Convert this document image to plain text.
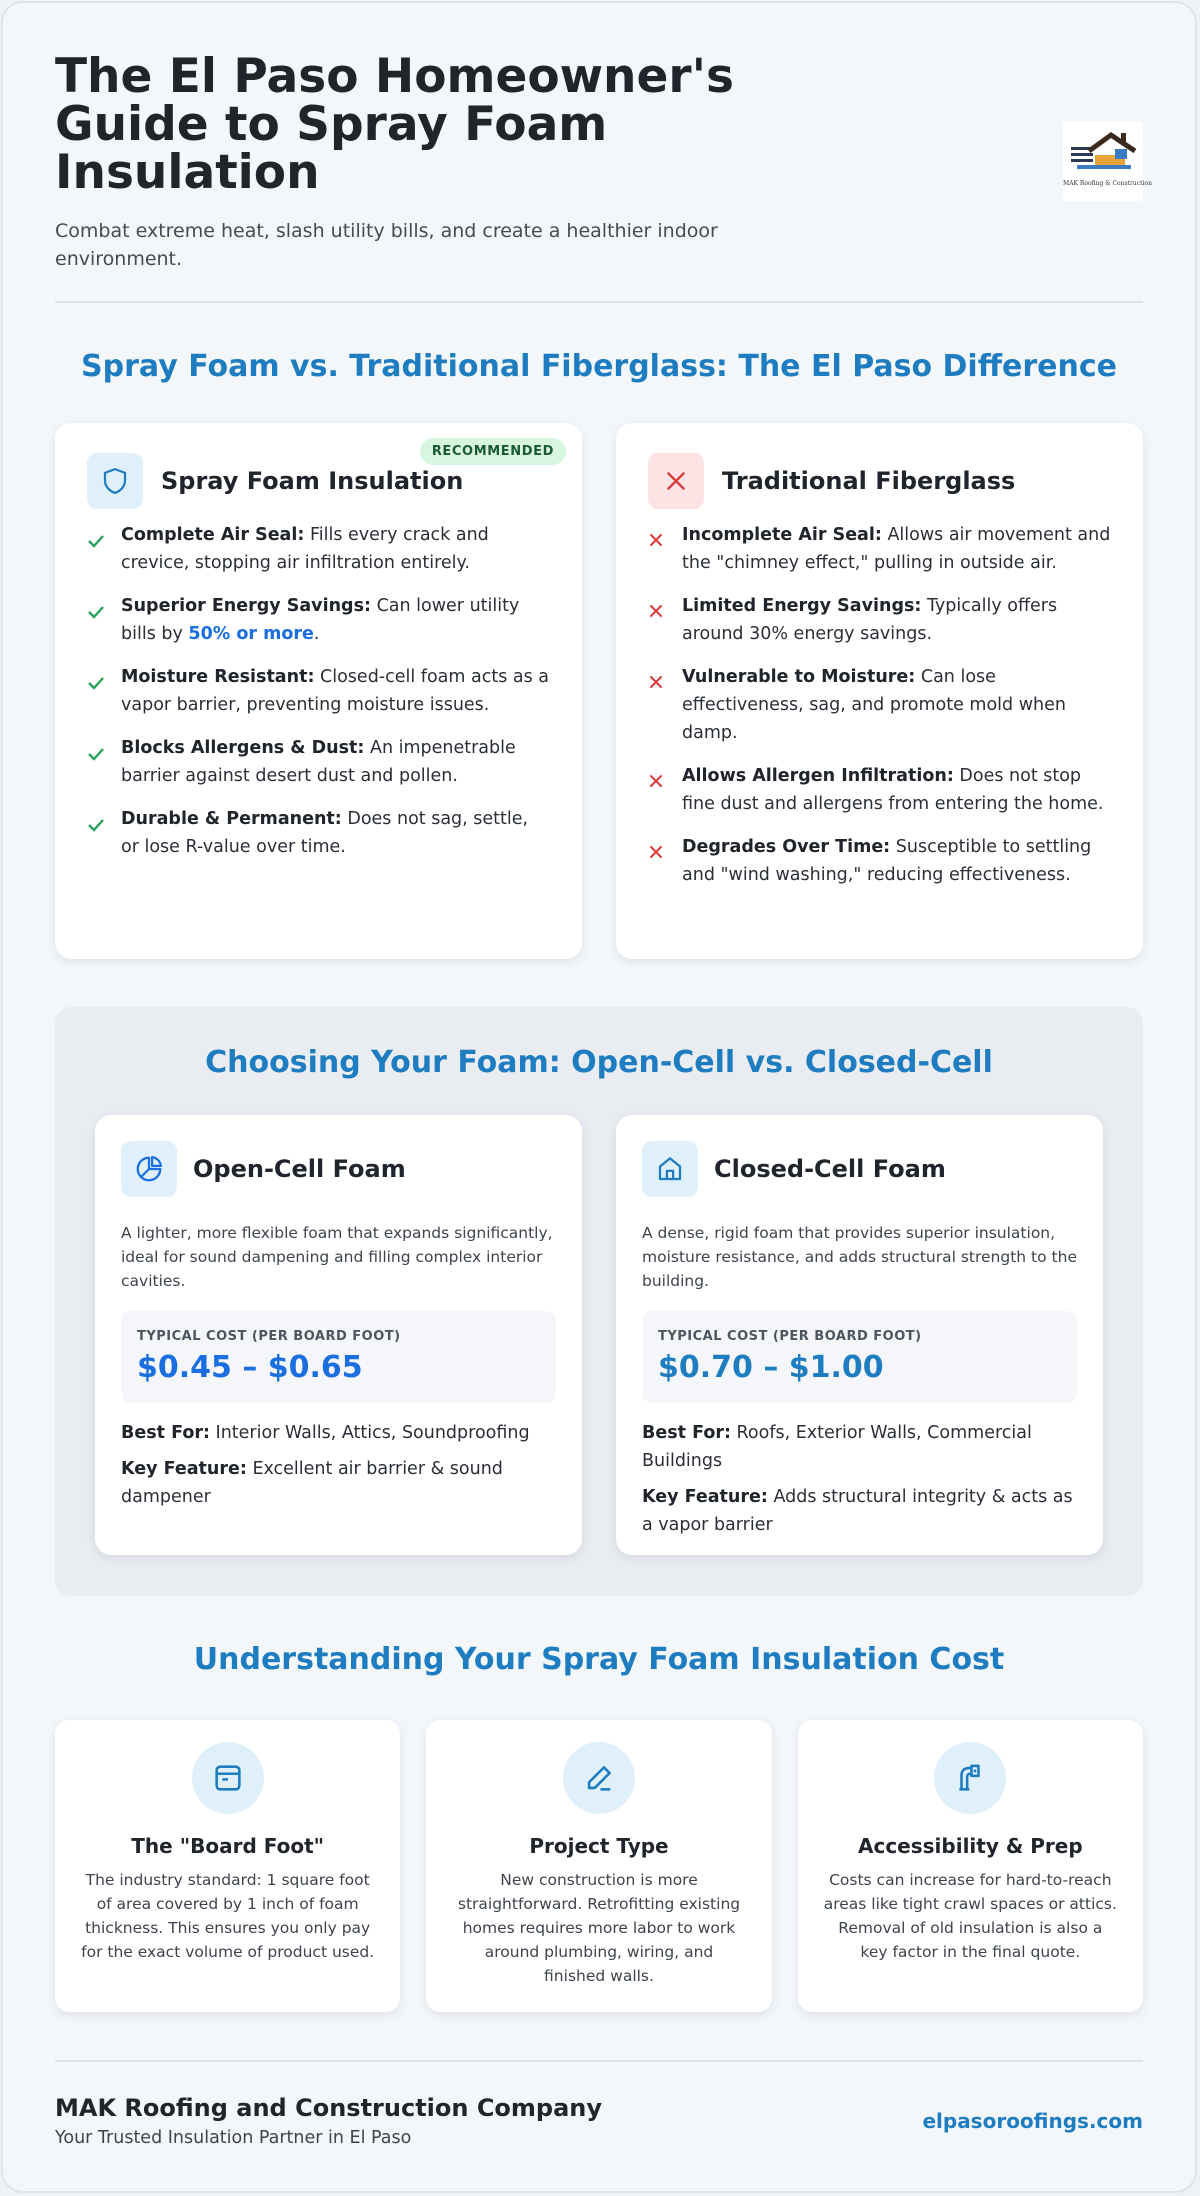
The El Paso Homeowner's Guide to Spray Foam Insulation

Combat extreme heat, slash utility bills, and create a healthier indoor environment.

MAK Roofing & Construction
Spray Foam vs. Traditional Fiberglass: The El Paso Difference
RECOMMENDED
Spray Foam Insulation
Complete Air Seal: Fills every crack and crevice, stopping air infiltration entirely.
Superior Energy Savings: Can lower utility bills by 50% or more.
Moisture Resistant: Closed-cell foam acts as a vapor barrier, preventing moisture issues.
Blocks Allergens & Dust: An impenetrable barrier against desert dust and pollen.
Durable & Permanent: Does not sag, settle, or lose R-value over time.
Traditional Fiberglass
Incomplete Air Seal: Allows air movement and the "chimney effect," pulling in outside air.
Limited Energy Savings: Typically offers around 30% energy savings.
Vulnerable to Moisture: Can lose effectiveness, sag, and promote mold when damp.
Allows Allergen Infiltration: Does not stop fine dust and allergens from entering the home.
Degrades Over Time: Susceptible to settling and "wind washing," reducing effectiveness.
Choosing Your Foam: Open-Cell vs. Closed-Cell
Open-Cell Foam

A lighter, more flexible foam that expands significantly, ideal for sound dampening and filling complex interior cavities.

TYPICAL COST (PER BOARD FOOT)
$0.45 – $0.65

Best For: Interior Walls, Attics, Soundproofing

Key Feature: Excellent air barrier & sound dampener

Closed-Cell Foam

A dense, rigid foam that provides superior insulation, moisture resistance, and adds structural strength to the building.

TYPICAL COST (PER BOARD FOOT)
$0.70 – $1.00

Best For: Roofs, Exterior Walls, Commercial Buildings

Key Feature: Adds structural integrity & acts as a vapor barrier

Understanding Your Spray Foam Insulation Cost
The "Board Foot"

The industry standard: 1 square foot of area covered by 1 inch of foam thickness. This ensures you only pay for the exact volume of product used.

Project Type

New construction is more straightforward. Retrofitting existing homes requires more labor to work around plumbing, wiring, and finished walls.

Accessibility & Prep

Costs can increase for hard-to-reach areas like tight crawl spaces or attics. Removal of old insulation is also a key factor in the final quote.

MAK Roofing and Construction Company
Your Trusted Insulation Partner in El Paso
elpasoroofings.com
